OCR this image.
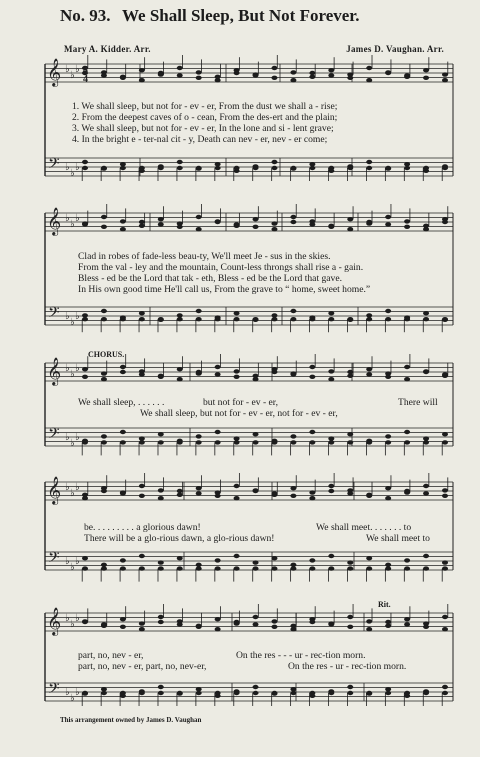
No. 93. We Shall Sleep, But Not Forever.
Mary A. Kidder. Arr.	James D. Vaughan. Arr.
𝄞
𝄢
♭
♭
♭
♭
♭
♭
𝄞
𝄢
♭
♭
♭
♭
♭
♭
𝄞
𝄢
♭
♭
♭
♭
♭
♭
𝄞
𝄢
♭
♭
♭
♭
♭
♭
𝄞
𝄢
♭
♭
♭
♭
♭
♭
4
4
1. We shall sleep, but not for - ev - er, From the dust we shall a - rise;
2. From the deepest caves of o - cean, From the des-ert and the plain;
3. We shall sleep, but not for - ev - er, In the lone and si - lent grave;
4. In the bright e - ter-nal cit - y, Death can nev - er, nev - er come;
Clad in robes of fade-less beau-ty, We'll meet Je - sus in the skies.
From the val - ley and the mountain, Count-less throngs shall rise a - gain.
Bless - ed be the Lord that tak - eth, Bless - ed be the Lord that gave.
In His own good time He'll call us, From the grave to “ home, sweet home.”
CHORUS.
We shall sleep, . . . . . .	but not for - ev - er,	There will
We shall sleep, but not for - ev - er, not for - ev - er,
be. . . . . . . . . a glorious dawn!	We shall meet. . . . . . . to
There will be a glo-rious dawn, a glo-rious dawn!	We shall meet to
Rit.
part, no, nev - er,	On the res - - - ur - rec-tion morn.
part, no, nev - er, part, no, nev-er,	On the res - ur - rec-tion morn.
This arrangement owned by James D. Vaughan
